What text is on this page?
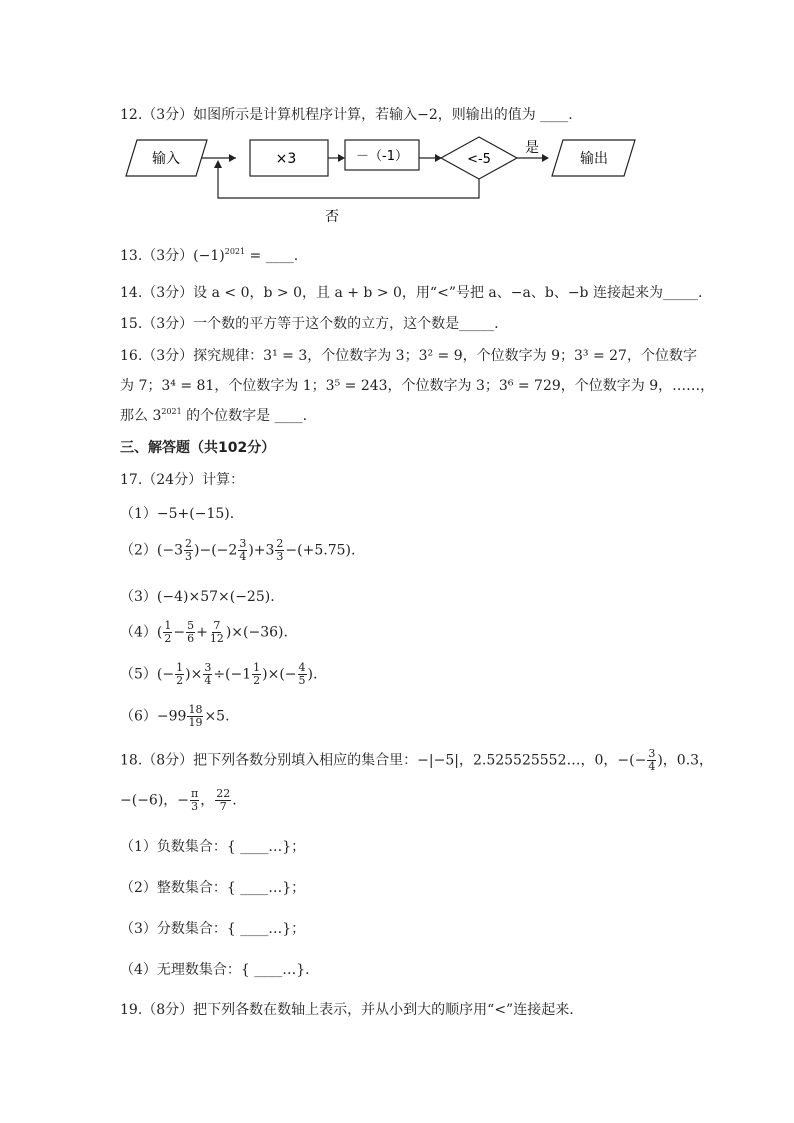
12.（3分）如图所示是计算机程序计算，若输入−2，则输出的值为 ____.
输入	×3	－（-1）	<-5
是
输出
否
13.（3分）$(-1)^{2021}$ = ____.
14.（3分）设 a < 0，b > 0，且 a + b > 0，用“<”号把 a、−a、b、−b 连接起来为_____.
15.（3分）一个数的平方等于这个数的立方，这个数是_____.
16.（3分）探究规律：3¹ = 3，个位数字为 3；3² = 9，个位数字为 9；3³ = 27，个位数字
为 7；3⁴ = 81，个位数字为 1；3⁵ = 243，个位数字为 3；3⁶ = 729，个位数字为 9，……，
那么 $3^{2021}$ 的个位数字是 ____.
三、解答题（共102分）
17.（24分）计算：
（1）−5+(−15).
$(2)(-3 \frac{2}{3} )-(-2 \frac{3}{4} )+3 \frac{2}{3} -(+5.75)$.
（3）(−4)×57×(−25).
$(4)( \frac{1}{2} - \frac{5}{6} + \frac{7}{12} )\times(-36)$.
$(5)(- \frac{1}{2}$ )× $\frac{3}{4} \div(-1 \frac{1}{2}$ )×(− $\frac{4}{5}$ ).
$(6)-99 \frac{18}{19} \times 5$.
18.（8分）把下列各数分别填入相应的集合里：−|−5|，2.525525552…，0，−(− $\frac{3}{4}$ )，0.3，
−(−6)，− $\frac{\pi}{3}$ ， $\frac{22}{7}$ .
（1）负数集合：{ ____…}；
（2）整数集合：{ ____…}；
（3）分数集合：{ ____…}；
（4）无理数集合：{ ____…}.
19.（8分）把下列各数在数轴上表示，并从小到大的顺序用“<”连接起来.
